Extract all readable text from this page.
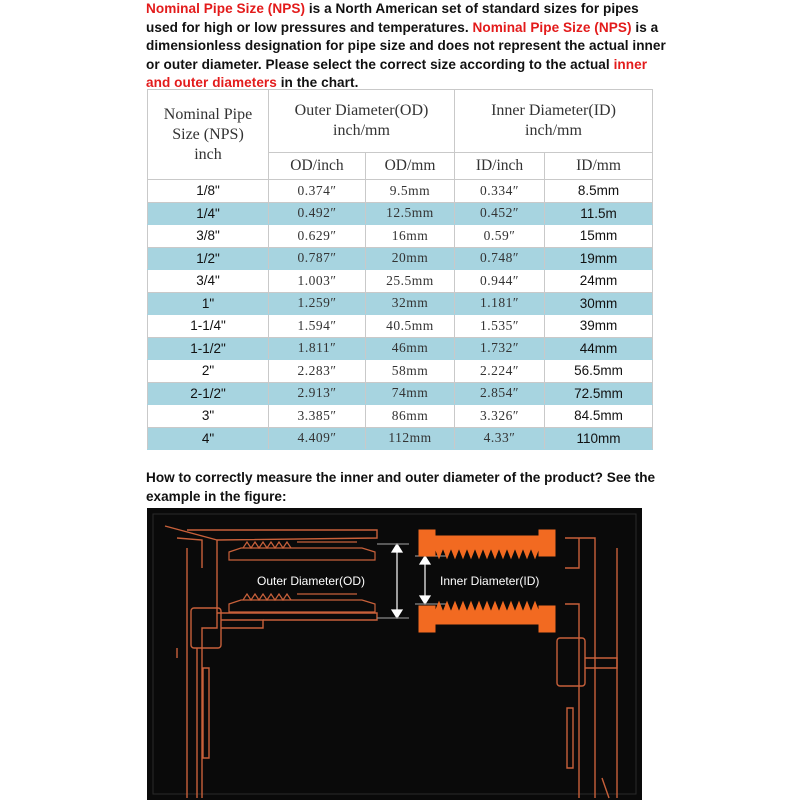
Nominal Pipe Size (NPS) is a North American set of standard sizes for pipes used for high or low pressures and temperatures. Nominal Pipe Size (NPS) is a dimensionless designation for pipe size and does not represent the actual inner or outer diameter. Please select the correct size according to the actual inner and outer diameters in the chart.
Nominal Pipe Size (NPS) inch	Outer Diameter(OD) inch/mm		Inner Diameter(ID) inch/mm	

	OD/inch	OD/mm	ID/inch	ID/mm
1/8"	0.374″	9.5mm	0.334″	8.5mm
1/4"	0.492″	12.5mm	0.452″	11.5m
3/8"	0.629″	16mm	0.59″	15mm
1/2"	0.787″	20mm	0.748″	19mm
3/4"	1.003″	25.5mm	0.944″	24mm
1"	1.259″	32mm	1.181″	30mm
1-1/4"	1.594″	40.5mm	1.535″	39mm
1-1/2"	1.811″	46mm	1.732″	44mm
2"	2.283″	58mm	2.224″	56.5mm
2-1/2"	2.913″	74mm	2.854″	72.5mm
3"	3.385″	86mm	3.326″	84.5mm
4"	4.409″	112mm	4.33″	110mm
How to correctly measure the inner and outer diameter of the product? See the example in the figure:
Outer Diameter(OD)	Inner Diameter(ID)
